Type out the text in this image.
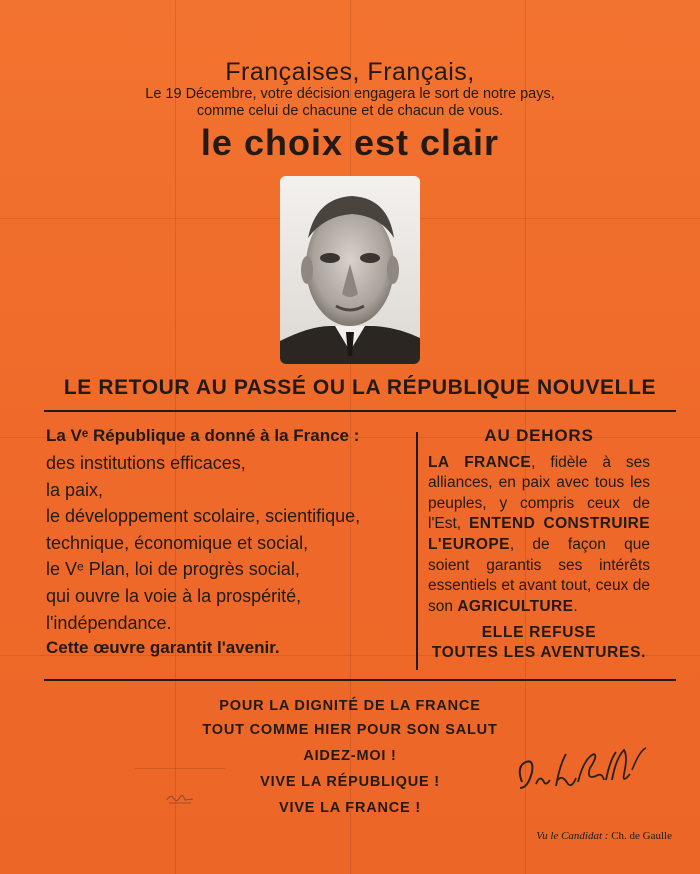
Françaises, Français,
Le 19 Décembre, votre décision engagera le sort de notre pays,
comme celui de chacune et de chacun de vous.
le choix est clair
LE RETOUR AU PASSÉ OU LA RÉPUBLIQUE NOUVELLE
La Vᵉ République a donné à la France :
des institutions efficaces,
la paix,
le développement scolaire, scientifique,
technique, économique et social,
le Vᵉ Plan, loi de progrès social,
qui ouvre la voie à la prospérité,
l'indépendance.
Cette œuvre garantit l'avenir.
AU DEHORS
LA FRANCE, fidèle à ses alliances, en paix avec tous les peuples, y compris ceux de l'Est, ENTEND CONSTRUIRE L'EUROPE, de façon que soient garantis ses intérêts essentiels et avant tout, ceux de son AGRICULTURE.
ELLE REFUSE
TOUTES LES AVENTURES.
POUR LA DIGNITÉ DE LA FRANCE
TOUT COMME HIER POUR SON SALUT
AIDEZ-MOI !
VIVE LA RÉPUBLIQUE !
VIVE LA FRANCE !
Vu le Candidat : Ch. de Gaulle
